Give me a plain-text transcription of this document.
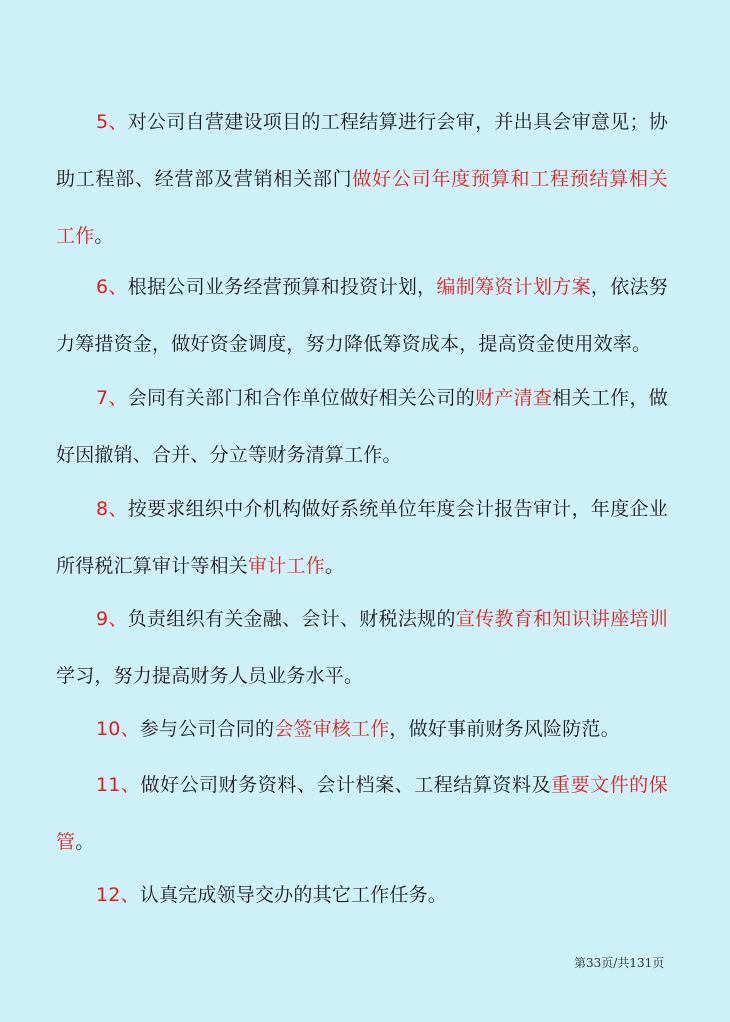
5、对公司自营建设项目的工程结算进行会审，并出具会审意见；协助工程部、经营部及营销相关部门做好公司年度预算和工程预结算相关工作。

6、根据公司业务经营预算和投资计划，编制筹资计划方案，依法努力筹措资金，做好资金调度，努力降低筹资成本，提高资金使用效率。

7、会同有关部门和合作单位做好相关公司的财产清查相关工作，做好因撤销、合并、分立等财务清算工作。

8、按要求组织中介机构做好系统单位年度会计报告审计，年度企业所得税汇算审计等相关审计工作。

9、负责组织有关金融、会计、财税法规的宣传教育和知识讲座培训学习，努力提高财务人员业务水平。

10、参与公司合同的会签审核工作，做好事前财务风险防范。

11、做好公司财务资料、会计档案、工程结算资料及重要文件的保管。

12、认真完成领导交办的其它工作任务。

第33页/共131页
